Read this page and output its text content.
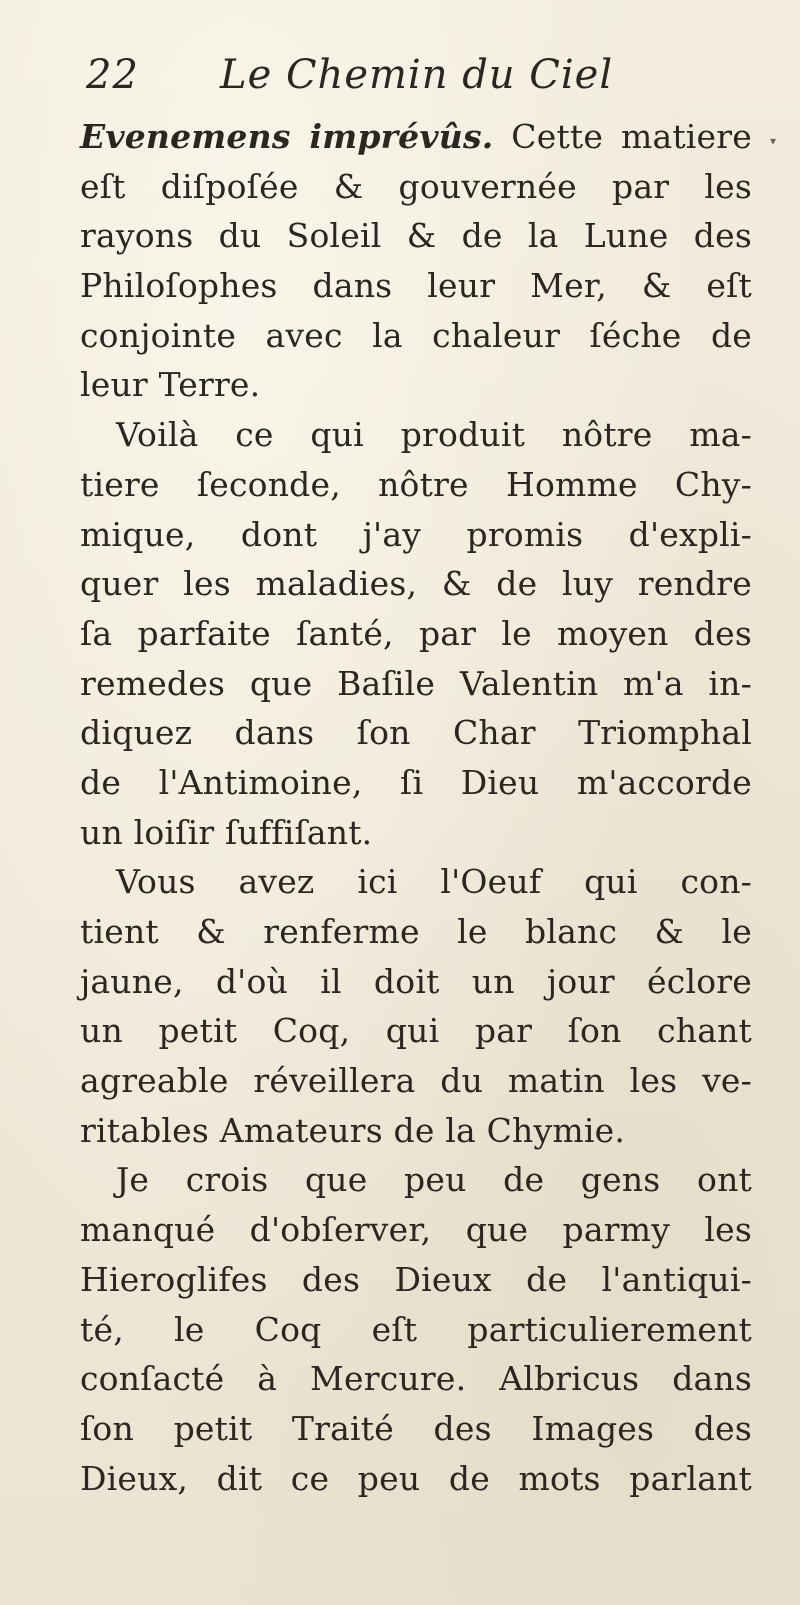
22 Le Chemin du Ciel
▾
Evenemens imprévûs. Cette matiere
eſt diſpoſée & gouvernée par les
rayons du Soleil & de la Lune des
Philoſophes dans leur Mer, & eſt
conjointe avec la chaleur ſéche de
leur Terre.
Voilà ce qui produit nôtre ma-
tiere ſeconde, nôtre Homme Chy-
mique, dont j'ay promis d'expli-
quer les maladies, & de luy rendre
ſa parfaite ſanté, par le moyen des
remedes que Baſile Valentin m'a in-
diquez dans ſon Char Triomphal
de l'Antimoine, ſi Dieu m'accorde
un loiſir ſuffiſant.
Vous avez ici l'Oeuf qui con-
tient & renferme le blanc & le
jaune, d'où il doit un jour éclore
un petit Coq, qui par ſon chant
agreable réveillera du matin les ve-
ritables Amateurs de la Chymie.
Je crois que peu de gens ont
manqué d'obſerver, que parmy les
Hieroglifes des Dieux de l'antiqui-
té, le Coq eſt particulierement
conſacté à Mercure. Albricus dans
ſon petit Traité des Images des
Dieux, dit ce peu de mots parlant
